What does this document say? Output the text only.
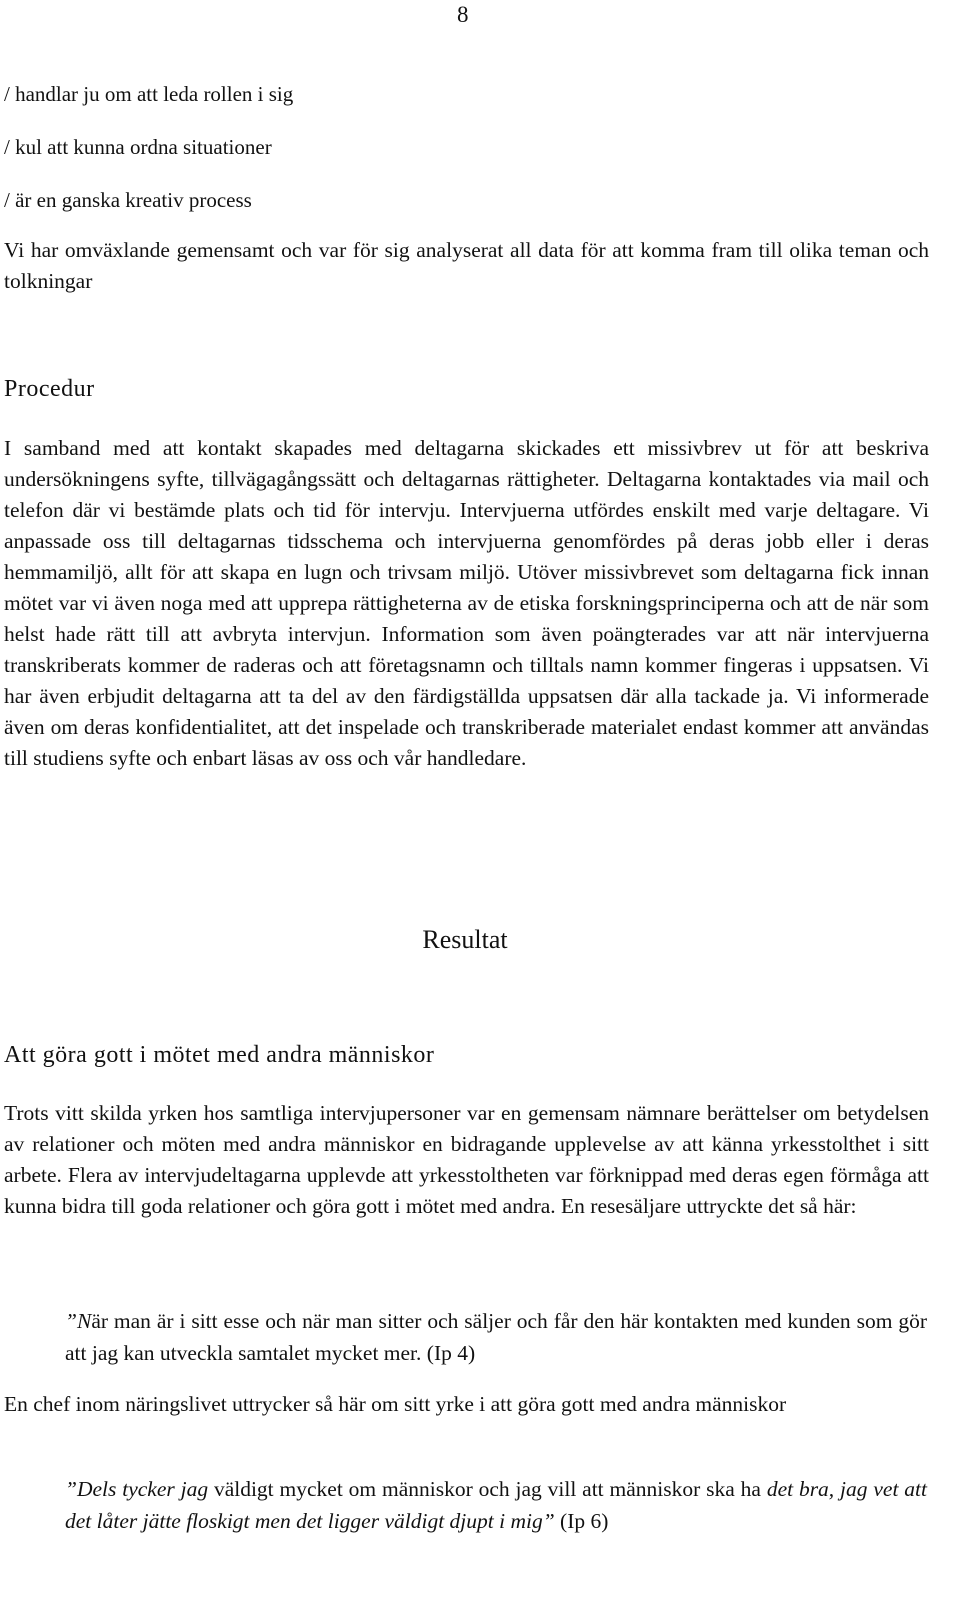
8
/ handlar ju om att leda rollen i sig
/ kul att kunna ordna situationer
/ är en ganska kreativ process
Vi har omväxlande gemensamt och var för sig analyserat all data för att komma fram till olika teman och tolkningar
Procedur
I samband med att kontakt skapades med deltagarna skickades ett missivbrev ut för att beskriva undersökningens syfte, tillvägagångssätt och deltagarnas rättigheter. Deltagarna kontaktades via mail och telefon där vi bestämde plats och tid för intervju. Intervjuerna utfördes enskilt med varje deltagare. Vi anpassade oss till deltagarnas tidsschema och intervjuerna genomfördes på deras jobb eller i deras hemmamiljö, allt för att skapa en lugn och trivsam miljö. Utöver missivbrevet som deltagarna fick innan mötet var vi även noga med att upprepa rättigheterna av de etiska forskningsprinciperna och att de när som helst hade rätt till att avbryta intervjun. Information som även poängterades var att när intervjuerna transkriberats kommer de raderas och att företagsnamn och tilltals namn kommer fingeras i uppsatsen. Vi har även erbjudit deltagarna att ta del av den färdigställda uppsatsen där alla tackade ja. Vi informerade även om deras konfidentialitet, att det inspelade och transkriberade materialet endast kommer att användas till studiens syfte och enbart läsas av oss och vår handledare.
Resultat
Att göra gott i mötet med andra människor
Trots vitt skilda yrken hos samtliga intervjupersoner var en gemensam nämnare berättelser om betydelsen av relationer och möten med andra människor en bidragande upplevelse av att känna yrkesstolthet i sitt arbete. Flera av intervjudeltagarna upplevde att yrkesstoltheten var förknippad med deras egen förmåga att kunna bidra till goda relationer och göra gott i mötet med andra. En resesäljare uttryckte det så här:
”När man är i sitt esse och när man sitter och säljer och får den här kontakten med kunden som gör att jag kan utveckla samtalet mycket mer. (Ip 4)
En chef inom näringslivet uttrycker så här om sitt yrke i att göra gott med andra människor
”Dels tycker jag väldigt mycket om människor och jag vill att människor ska ha det bra, jag vet att det låter jätte floskigt men det ligger väldigt djupt i mig” (Ip 6)
